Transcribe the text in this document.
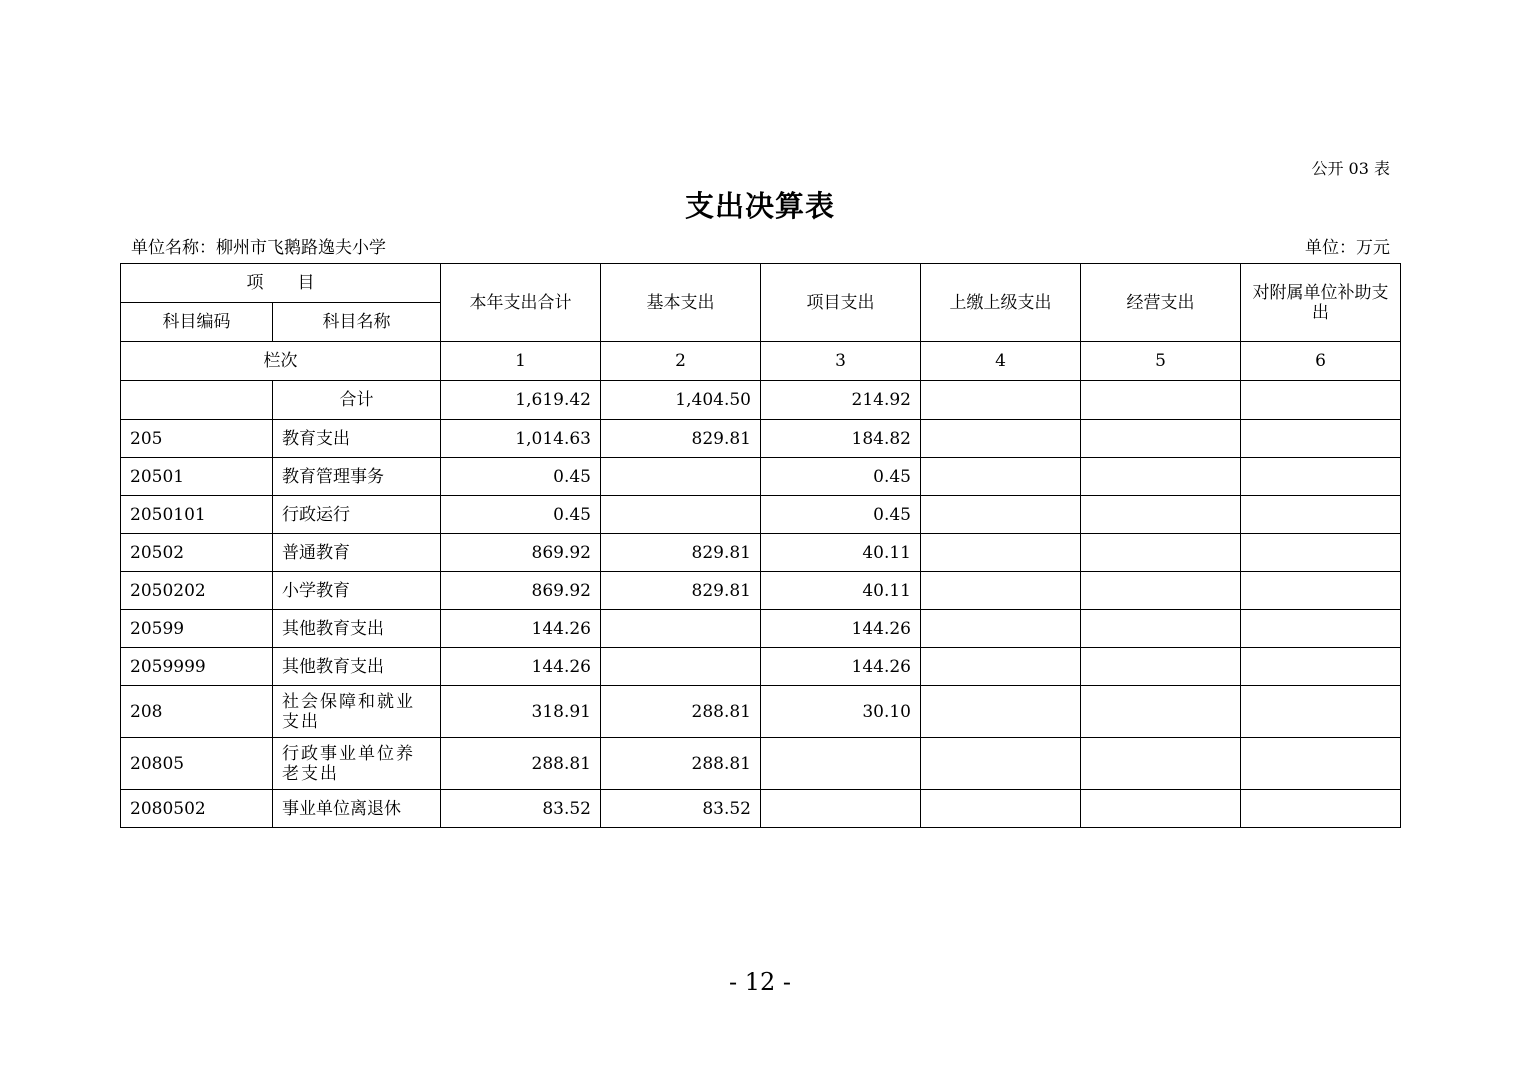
公开 03 表
支出决算表
单位名称：柳州市飞鹅路逸夫小学	单位：万元
项　　目		本年支出合计	基本支出	项目支出	上缴上级支出	经营支出	对附属单位补助支出
科目编码	科目名称						
栏次		1	2	3	4	5	6
	合计	1,619.42	1,404.50	214.92			
205	教育支出	1,014.63	829.81	184.82			
20501	教育管理事务	0.45		0.45			
2050101	行政运行	0.45		0.45			
20502	普通教育	869.92	829.81	40.11			
2050202	小学教育	869.92	829.81	40.11			
20599	其他教育支出	144.26		144.26			
2059999	其他教育支出	144.26		144.26			
208	社会保障和就业支出	318.91	288.81	30.10			
20805	行政事业单位养老支出	288.81	288.81				
2080502	事业单位离退休	83.52	83.52				
- 12 -
